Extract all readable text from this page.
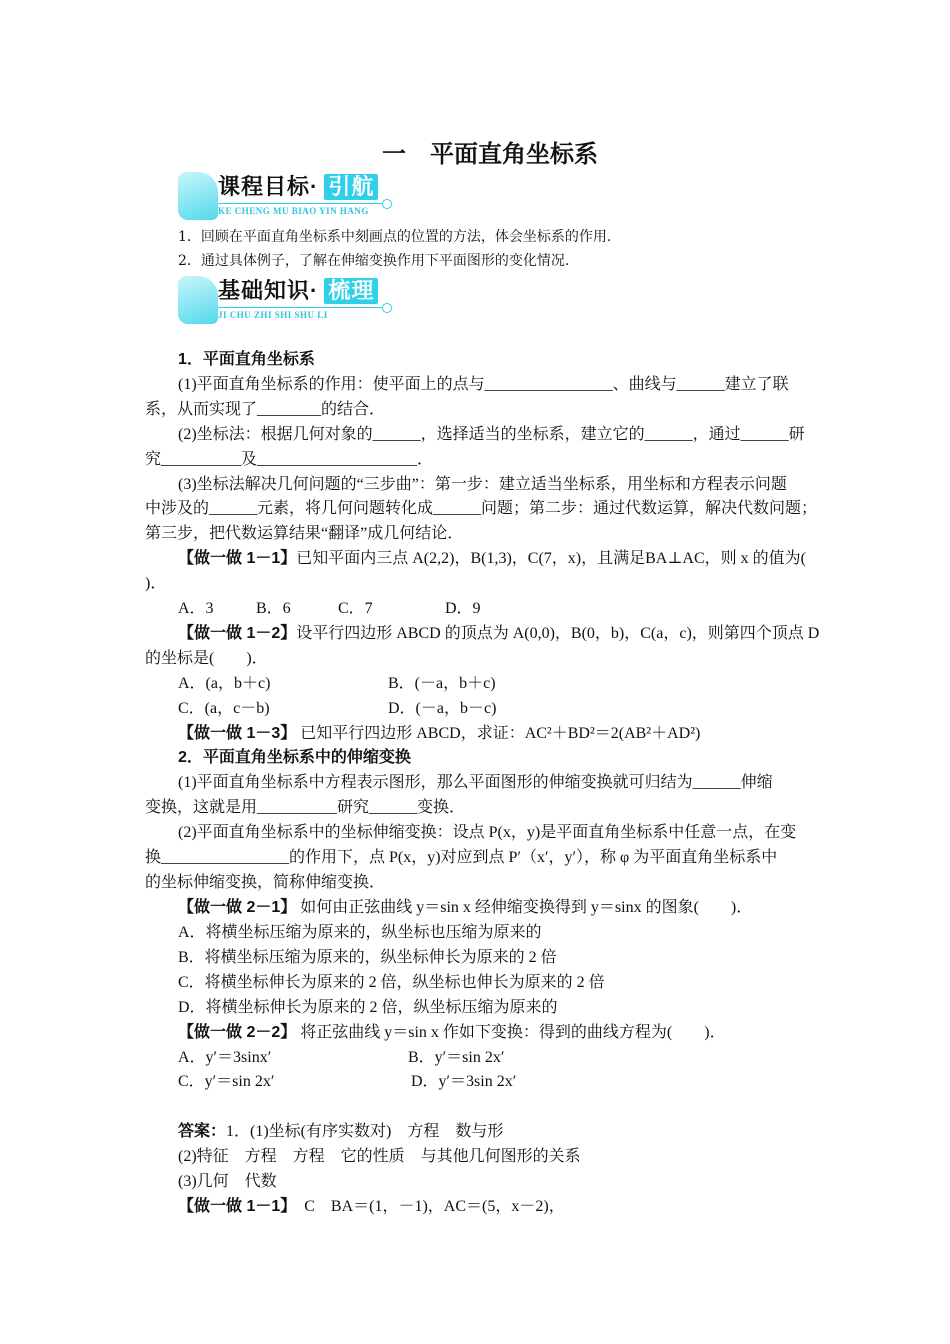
一　平面直角坐标系
课程目标· 引航
KE CHENG MU BIAO YIN HANG
1．回顾在平面直角坐标系中刻画点的位置的方法，体会坐标系的作用.
2．通过具体例子，了解在伸缩变换作用下平面图形的变化情况.
基础知识· 梳理
JI CHU ZHI SHI SHU LI
1．平面直角坐标系
(1)平面直角坐标系的作用：使平面上的点与________________、曲线与______建立了联
系，从而实现了________的结合．
(2)坐标法：根据几何对象的______，选择适当的坐标系，建立它的______，通过______研
究__________及____________________．
(3)坐标法解决几何问题的“三步曲”：第一步：建立适当坐标系，用坐标和方程表示问题
中涉及的______元素，将几何问题转化成______问题；第二步：通过代数运算，解决代数问题；
第三步，把代数运算结果“翻译”成几何结论．
【做一做 1－1】已知平面内三点 A(2,2)，B(1,3)，C(7，x)，且满足BA⊥AC，则 x 的值为(
)．
A．3	B．6	C．7	D．9
【做一做 1－2】设平行四边形 ABCD 的顶点为 A(0,0)，B(0，b)，C(a，c)，则第四个顶点 D
的坐标是(　　)．
A．(a，b＋c)	B．(－a，b＋c)
C．(a，c－b)	D．(－a，b－c)
【做一做 1－3】 已知平行四边形 ABCD，求证：AC²＋BD²＝2(AB²＋AD²)
2．平面直角坐标系中的伸缩变换
(1)平面直角坐标系中方程表示图形，那么平面图形的伸缩变换就可归结为______伸缩
变换，这就是用__________研究______变换．
(2)平面直角坐标系中的坐标伸缩变换：设点 P(x，y)是平面直角坐标系中任意一点，在变
换________________的作用下，点 P(x，y)对应到点 P′（x′，y′），称 φ 为平面直角坐标系中
的坐标伸缩变换，简称伸缩变换．
【做一做 2－1】 如何由正弦曲线 y＝sin x 经伸缩变换得到 y＝sinx 的图象(　　)．
A．将横坐标压缩为原来的，纵坐标也压缩为原来的
B．将横坐标压缩为原来的，纵坐标伸长为原来的 2 倍
C．将横坐标伸长为原来的 2 倍，纵坐标也伸长为原来的 2 倍
D．将横坐标伸长为原来的 2 倍，纵坐标压缩为原来的
【做一做 2－2】 将正弦曲线 y＝sin x 作如下变换：得到的曲线方程为(　　)．
A．y′＝3sinx′	B．y′＝sin 2x′
C．y′＝sin 2x′	D．y′＝3sin 2x′
答案：1．(1)坐标(有序实数对)　方程　数与形
(2)特征　方程　方程　它的性质　与其他几何图形的关系
(3)几何　代数
【做一做 1－1】　C　BA＝(1，－1)，AC＝(5，x－2)，
